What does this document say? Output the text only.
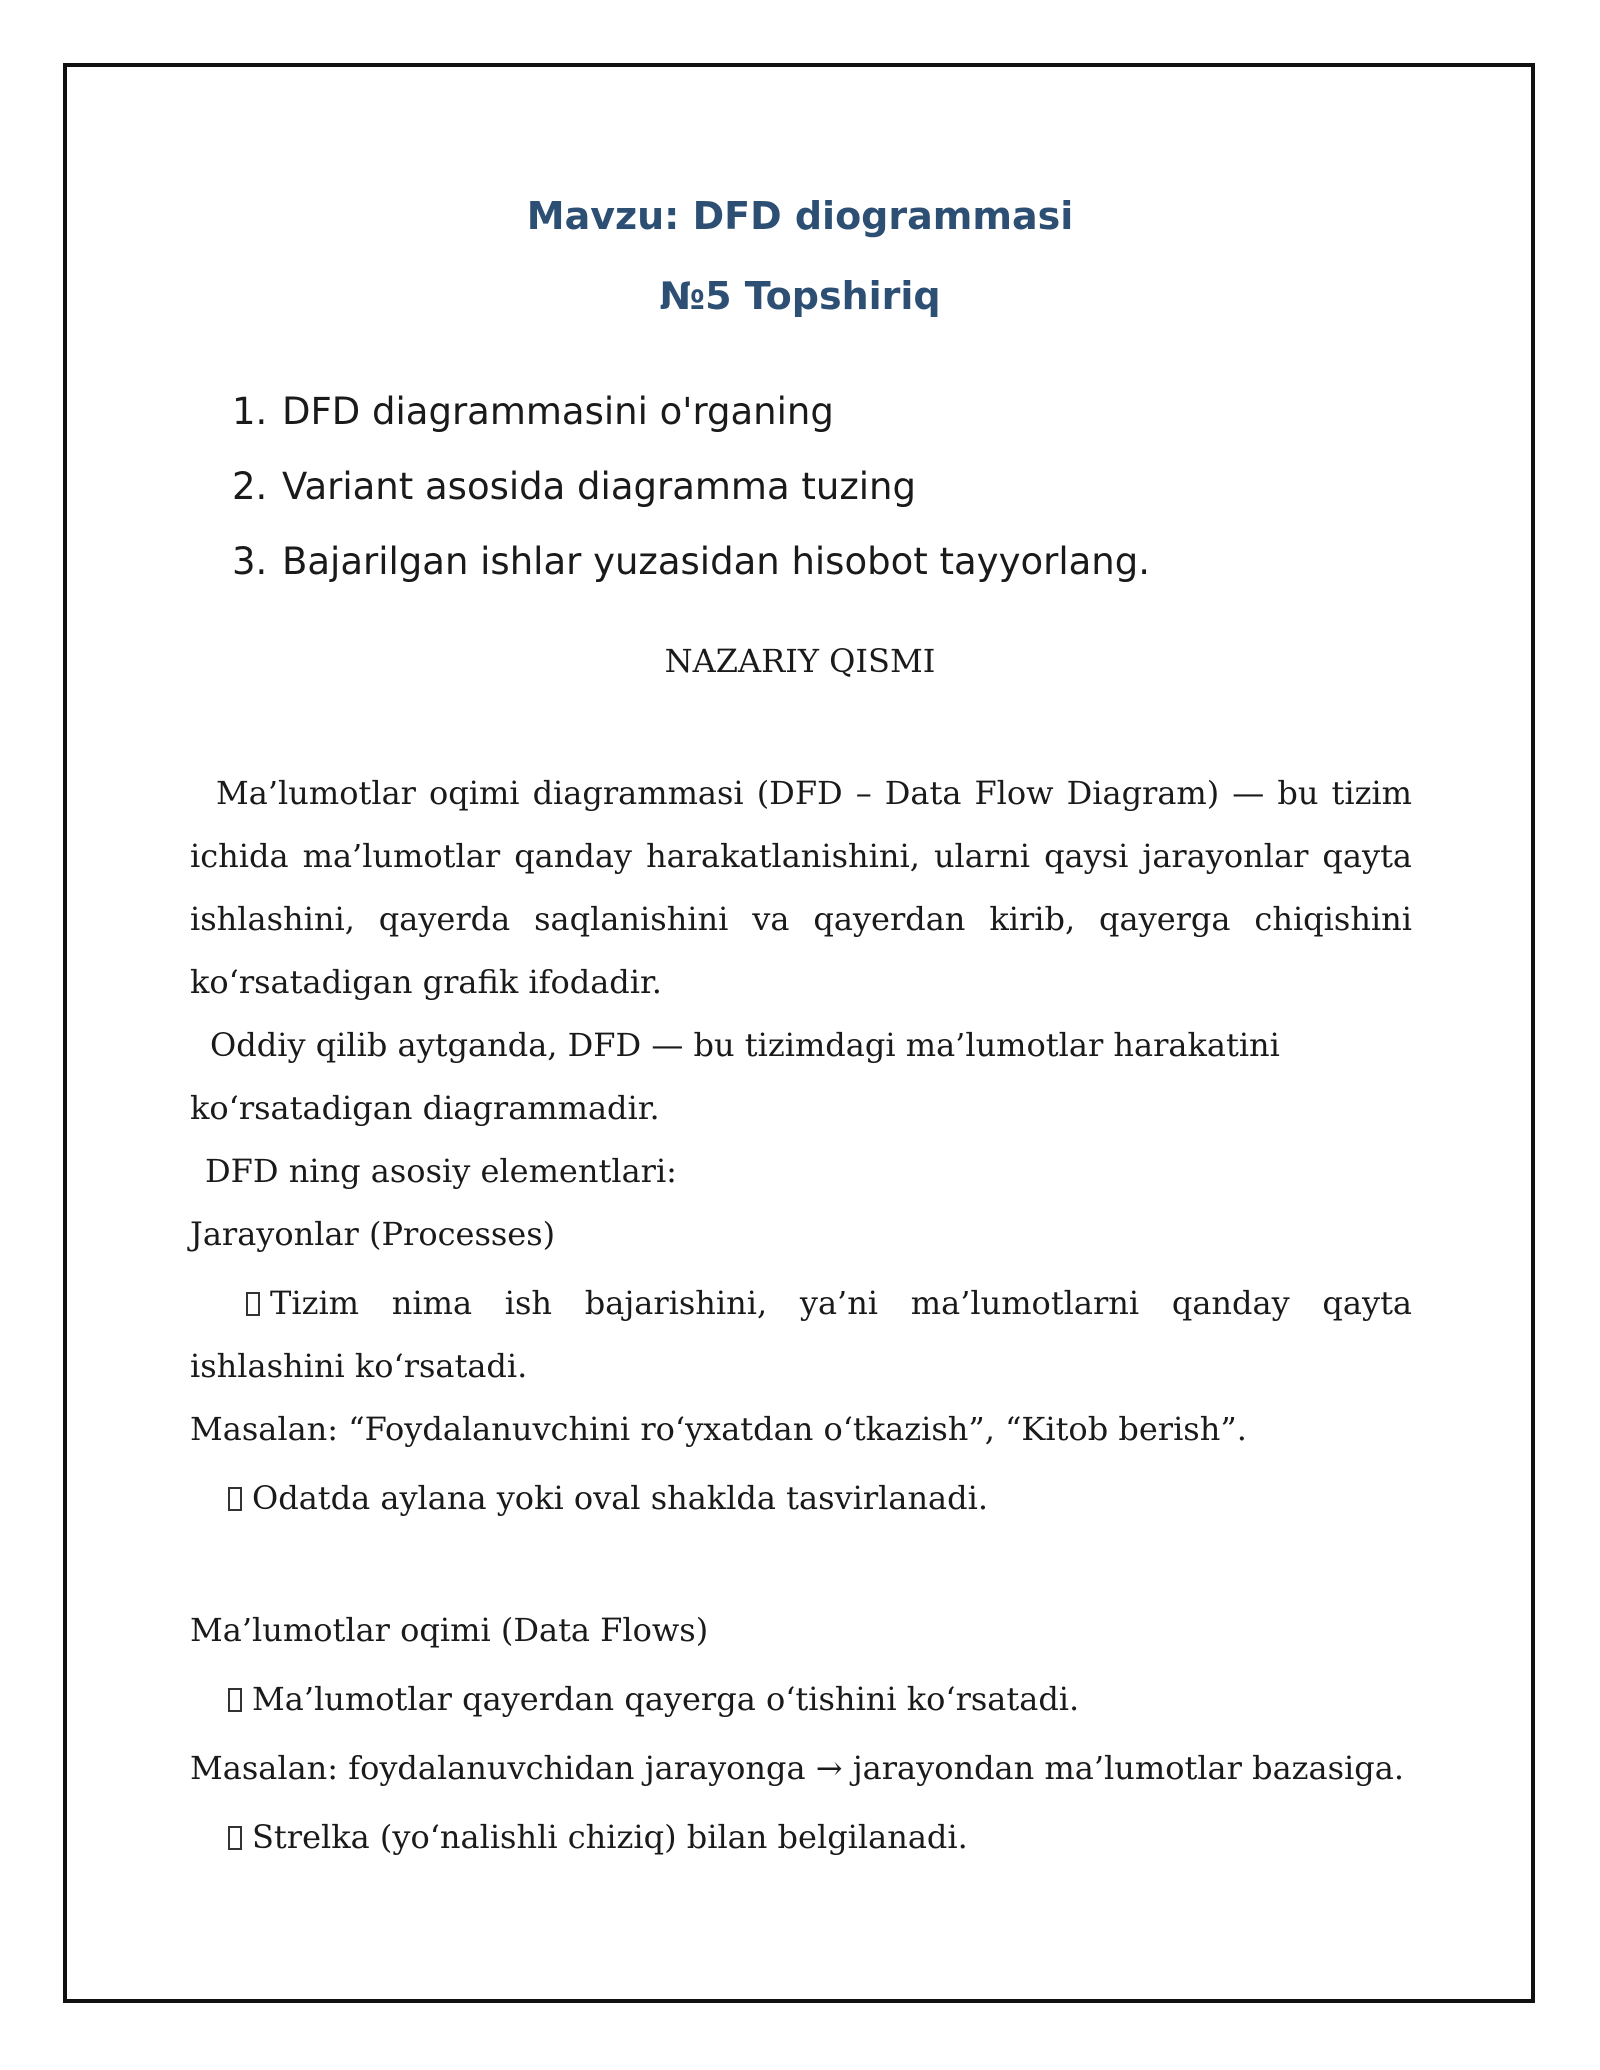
Mavzu: DFD diogrammasi
№5 Topshiriq
1. DFD diagrammasini o'rganing
2. Variant asosida diagramma tuzing
3. Bajarilgan ishlar yuzasidan hisobot tayyorlang.

NAZARIY QISMI

Ma’lumotlar oqimi diagrammasi (DFD – Data Flow Diagram) — bu tizim ichida ma’lumotlar qanday harakatlanishini, ularni qaysi jarayonlar qayta ishlashini, qayerda saqlanishini va qayerdan kirib, qayerga chiqishini koʻrsatadigan grafik ifodadir.

Oddiy qilib aytganda, DFD — bu tizimdagi ma’lumotlar harakatini koʻrsatadigan diagrammadir.

DFD ning asosiy elementlari:

Jarayonlar (Processes)

Tizim nima ish bajarishini, ya’ni ma’lumotlarni qanday qayta ishlashini koʻrsatadi.

Masalan: “Foydalanuvchini roʻyxatdan oʻtkazish”, “Kitob berish”.

Odatda aylana yoki oval shaklda tasvirlanadi.

Ma’lumotlar oqimi (Data Flows)

Ma’lumotlar qayerdan qayerga oʻtishini koʻrsatadi.

Masalan: foydalanuvchidan jarayonga → jarayondan ma’lumotlar bazasiga.

Strelka (yoʻnalishli chiziq) bilan belgilanadi.
